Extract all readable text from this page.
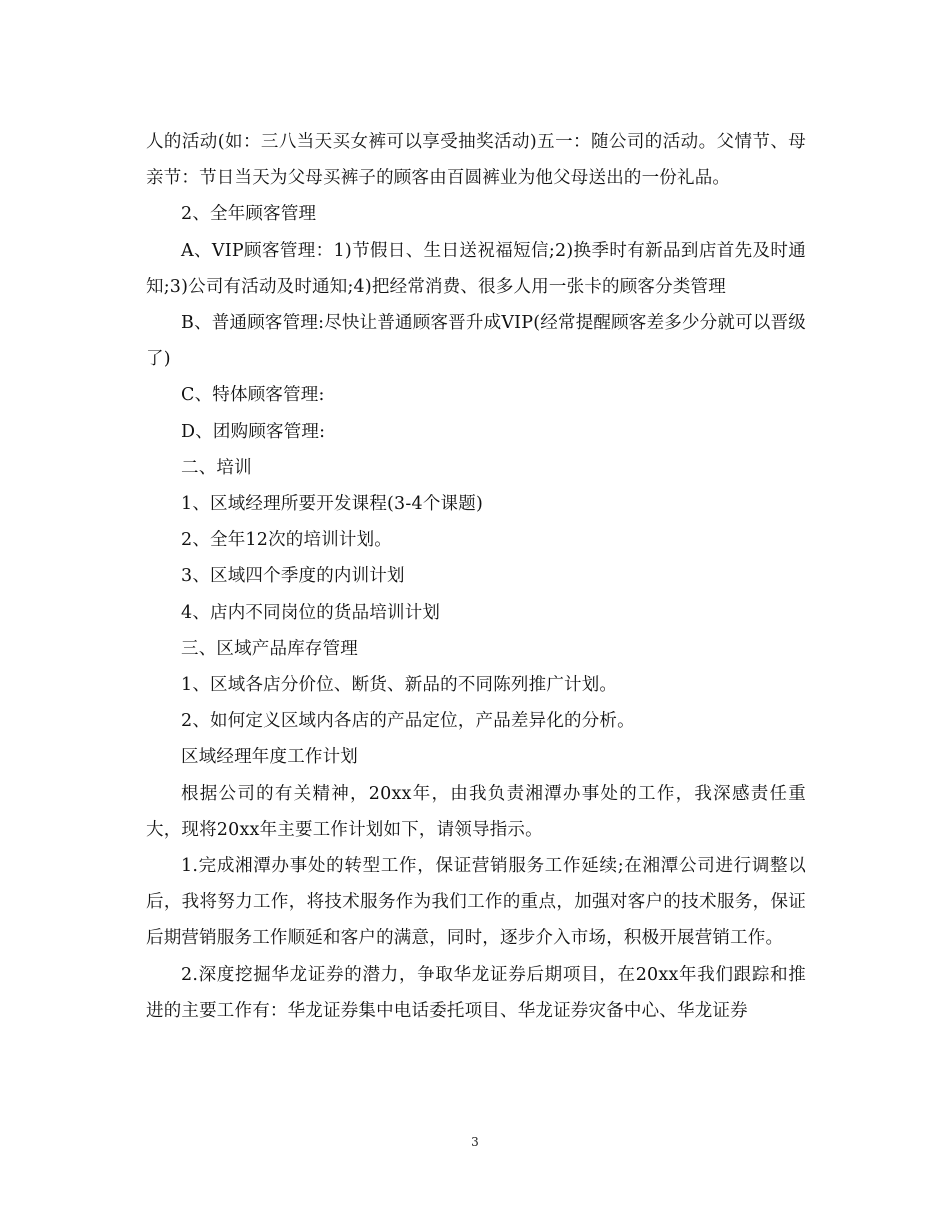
人的活动(如：三八当天买女裤可以享受抽奖活动)五一：随公司的活动。父情节、母亲节：节日当天为父母买裤子的顾客由百圆裤业为他父母送出的一份礼品。

2、全年顾客管理

A、VIP顾客管理：1)节假日、生日送祝福短信;2)换季时有新品到店首先及时通知;3)公司有活动及时通知;4)把经常消费、很多人用一张卡的顾客分类管理

B、普通顾客管理:尽快让普通顾客晋升成VIP(经常提醒顾客差多少分就可以晋级了)

C、特体顾客管理:

D、团购顾客管理:

二、培训

1、区域经理所要开发课程(3-4个课题)

2、全年12次的培训计划。

3、区域四个季度的内训计划

4、店内不同岗位的货品培训计划

三、区域产品库存管理

1、区域各店分价位、断货、新品的不同陈列推广计划。

2、如何定义区域内各店的产品定位，产品差异化的分析。

区域经理年度工作计划

根据公司的有关精神，20xx年，由我负责湘潭办事处的工作，我深感责任重大，现将20xx年主要工作计划如下，请领导指示。

1.完成湘潭办事处的转型工作，保证营销服务工作延续;在湘潭公司进行调整以后，我将努力工作，将技术服务作为我们工作的重点，加强对客户的技术服务，保证后期营销服务工作顺延和客户的满意，同时，逐步介入市场，积极开展营销工作。

2.深度挖掘华龙证券的潜力，争取华龙证券后期项目，在20xx年我们跟踪和推进的主要工作有：华龙证券集中电话委托项目、华龙证券灾备中心、华龙证券

3
